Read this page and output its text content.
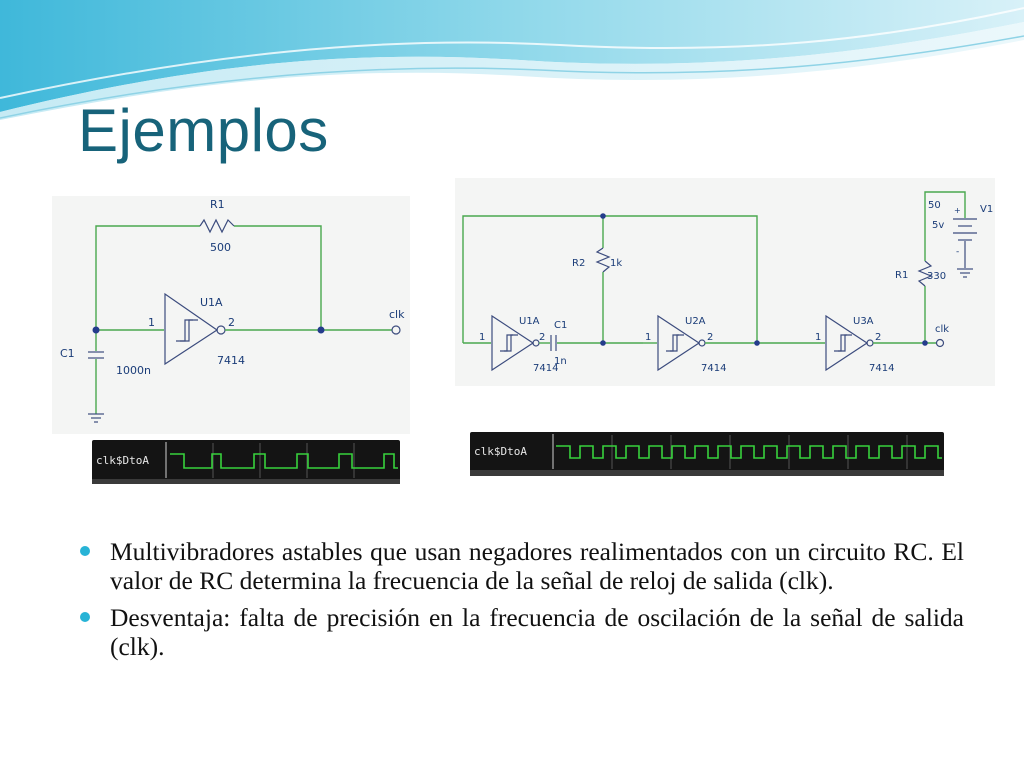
Ejemplos
R1
500
1
U1A
2
7414
clk
C1
1000n
R2 1k
1
U1A
2
7414
C1
1n
1
U2A
2
7414
1
U3A
2
7414
clk
R1 330
50
5v
+
-
V1
clk$DtoA
clk$DtoA
Multivibradores astables que usan negadores realimentados con un circuito RC. El valor de RC determina la frecuencia de la señal de reloj de salida (clk).
Desventaja: falta de precisión en la frecuencia de oscilación de la señal de salida (clk).
